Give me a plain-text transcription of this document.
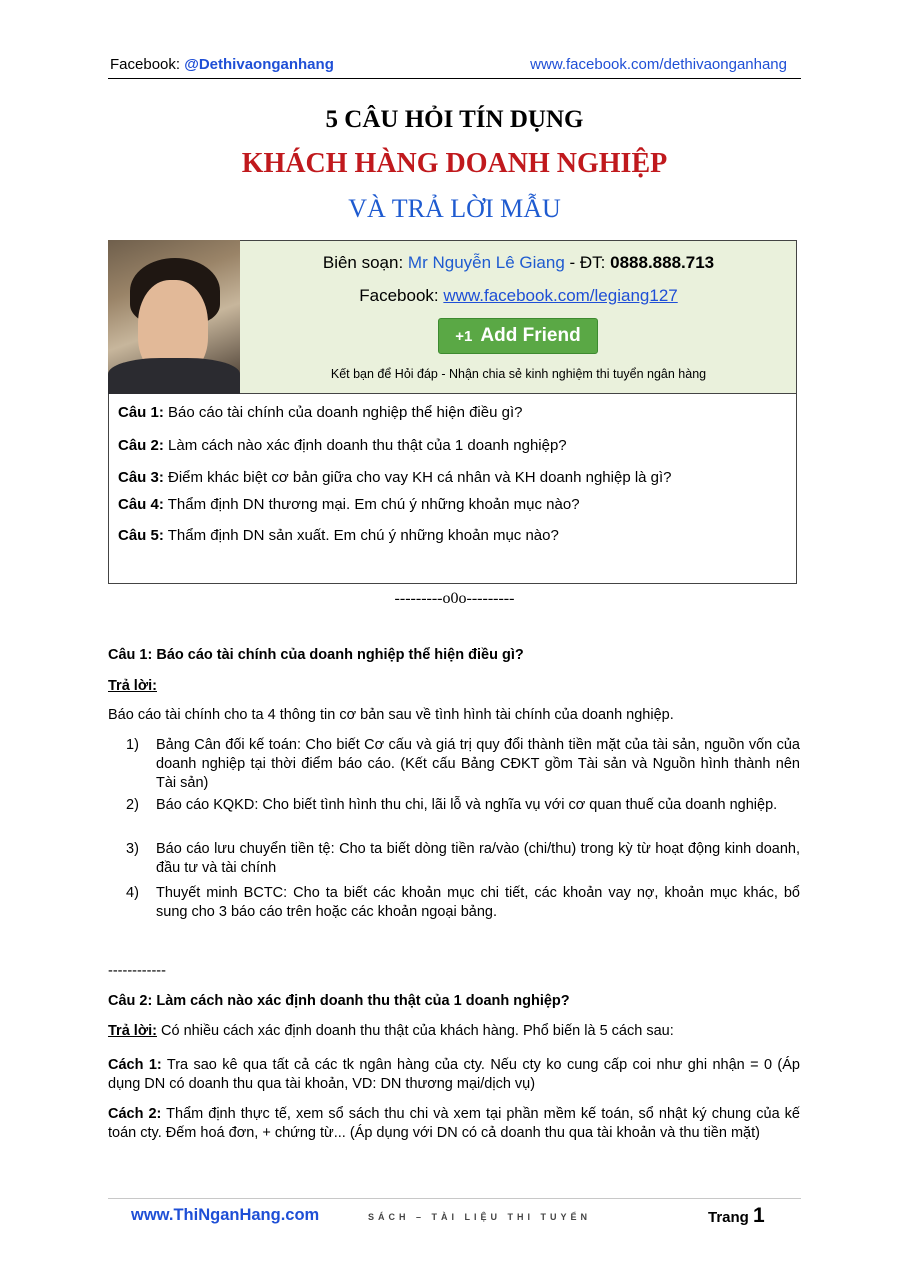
Facebook: @Dethivaonganhang	www.facebook.com/dethivaonganhang
5 CÂU HỎI TÍN DỤNG
KHÁCH HÀNG DOANH NGHIỆP
VÀ TRẢ LỜI MẪU
Biên soạn: Mr Nguyễn Lê Giang - ĐT: 0888.888.713
Facebook: www.facebook.com/legiang127
+1 Add Friend
Kết bạn để Hỏi đáp - Nhận chia sẻ kinh nghiệm thi tuyển ngân hàng
Câu 1: Báo cáo tài chính của doanh nghiệp thể hiện điều gì?
Câu 2: Làm cách nào xác định doanh thu thật của 1 doanh nghiệp?
Câu 3: Điểm khác biệt cơ bản giữa cho vay KH cá nhân và KH doanh nghiệp là gì?
Câu 4: Thẩm định DN thương mại. Em chú ý những khoản mục nào?
Câu 5: Thẩm định DN sản xuất. Em chú ý những khoản mục nào?
---------o0o---------
Câu 1: Báo cáo tài chính của doanh nghiệp thể hiện điều gì?
Trả lời:
Báo cáo tài chính cho ta 4 thông tin cơ bản sau về tình hình tài chính của doanh nghiệp.
1)	Bảng Cân đối kế toán: Cho biết Cơ cấu và giá trị quy đổi thành tiền mặt của tài sản, nguồn vốn của doanh nghiệp tại thời điểm báo cáo. (Kết cấu Bảng CĐKT gồm Tài sản và Nguồn hình thành nên Tài sản)
2)	Báo cáo KQKD: Cho biết tình hình thu chi, lãi lỗ và nghĩa vụ với cơ quan thuế của doanh nghiệp.
3)	Báo cáo lưu chuyển tiền tệ: Cho ta biết dòng tiền ra/vào (chi/thu) trong kỳ từ hoạt động kinh doanh, đầu tư và tài chính
4)	Thuyết minh BCTC: Cho ta biết các khoản mục chi tiết, các khoản vay nợ, khoản mục khác, bổ sung cho 3 báo cáo trên hoặc các khoản ngoại bảng.
------------
Câu 2: Làm cách nào xác định doanh thu thật của 1 doanh nghiệp?
Trả lời: Có nhiều cách xác định doanh thu thật của khách hàng. Phổ biến là 5 cách sau:
Cách 1: Tra sao kê qua tất cả các tk ngân hàng của cty. Nếu cty ko cung cấp coi như ghi nhận = 0 (Áp dụng DN có doanh thu qua tài khoản, VD: DN thương mại/dịch vụ)
Cách 2: Thẩm định thực tế, xem sổ sách thu chi và xem tại phần mềm kế toán, sổ nhật ký chung của kế toán cty. Đếm hoá đơn, + chứng từ... (Áp dụng với DN có cả doanh thu qua tài khoản và thu tiền mặt)
www.ThiNganHang.com	SÁCH – TÀI LIỆU THI TUYỂN	Trang 1
